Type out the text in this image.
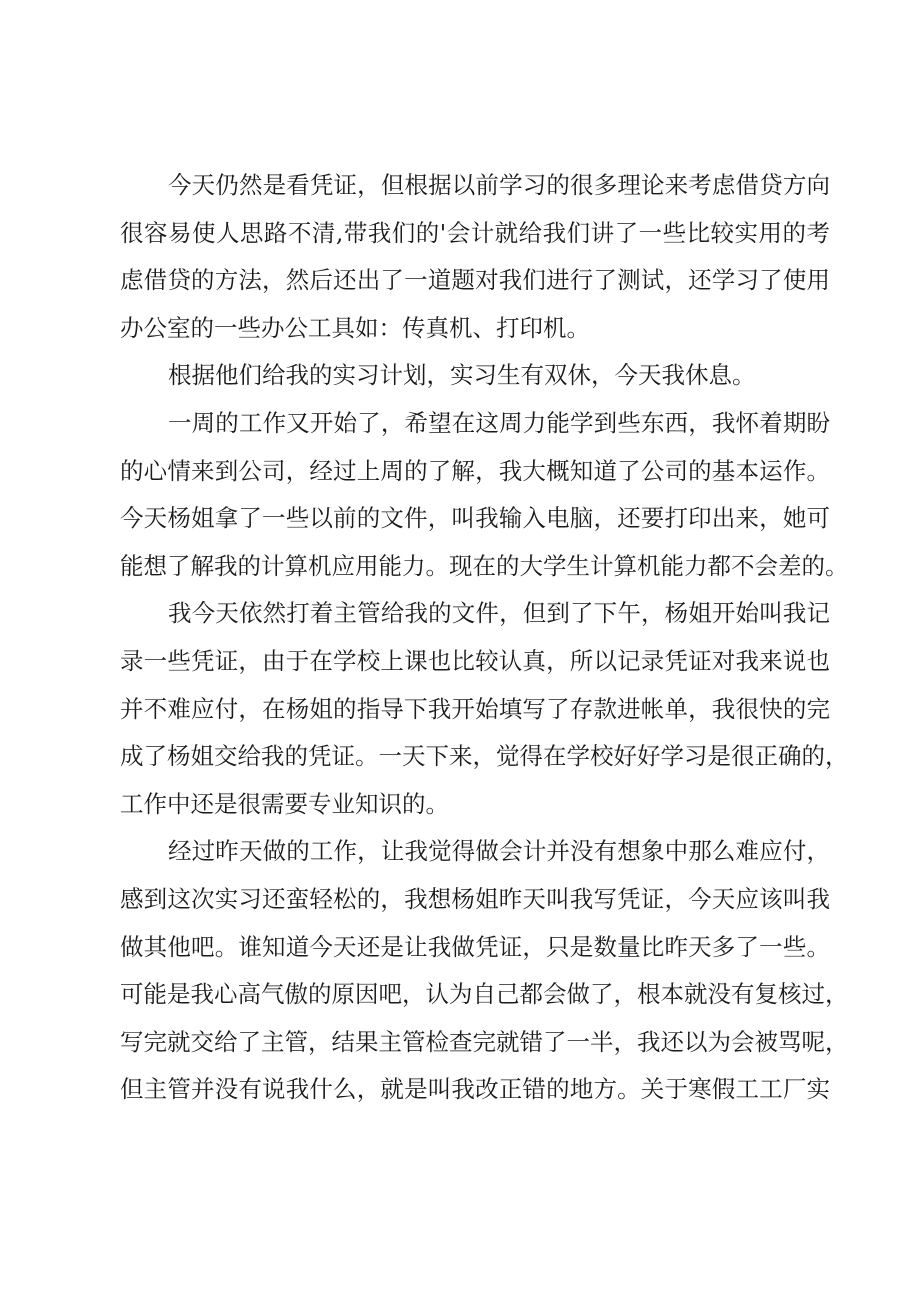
今天仍然是看凭证，但根据以前学习的很多理论来考虑借贷方向
很容易使人思路不清,带我们的'会计就给我们讲了一些比较实用的考
虑借贷的方法，然后还出了一道题对我们进行了测试，还学习了使用
办公室的一些办公工具如：传真机、打印机。
根据他们给我的实习计划，实习生有双休，今天我休息。
一周的工作又开始了，希望在这周力能学到些东西，我怀着期盼
的心情来到公司，经过上周的了解，我大概知道了公司的基本运作。
今天杨姐拿了一些以前的文件，叫我输入电脑，还要打印出来，她可
能想了解我的计算机应用能力。现在的大学生计算机能力都不会差的。
我今天依然打着主管给我的文件，但到了下午，杨姐开始叫我记
录一些凭证，由于在学校上课也比较认真，所以记录凭证对我来说也
并不难应付，在杨姐的指导下我开始填写了存款进帐单，我很快的完
成了杨姐交给我的凭证。一天下来，觉得在学校好好学习是很正确的，
工作中还是很需要专业知识的。
经过昨天做的工作，让我觉得做会计并没有想象中那么难应付，
感到这次实习还蛮轻松的，我想杨姐昨天叫我写凭证，今天应该叫我
做其他吧。谁知道今天还是让我做凭证，只是数量比昨天多了一些。
可能是我心高气傲的原因吧，认为自己都会做了，根本就没有复核过，
写完就交给了主管，结果主管检查完就错了一半，我还以为会被骂呢，
但主管并没有说我什么，就是叫我改正错的地方。关于寒假工工厂实
